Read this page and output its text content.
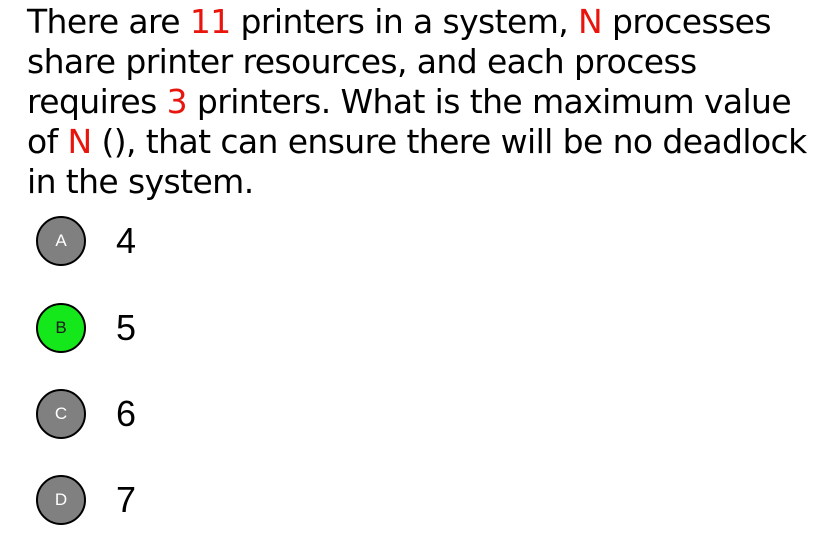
There are 11 printers in a system, N processes share printer resources, and each process requires 3 printers. What is the maximum value of N (), that can ensure there will be no deadlock in the system.

A	4
B	5
C	6
D	7
